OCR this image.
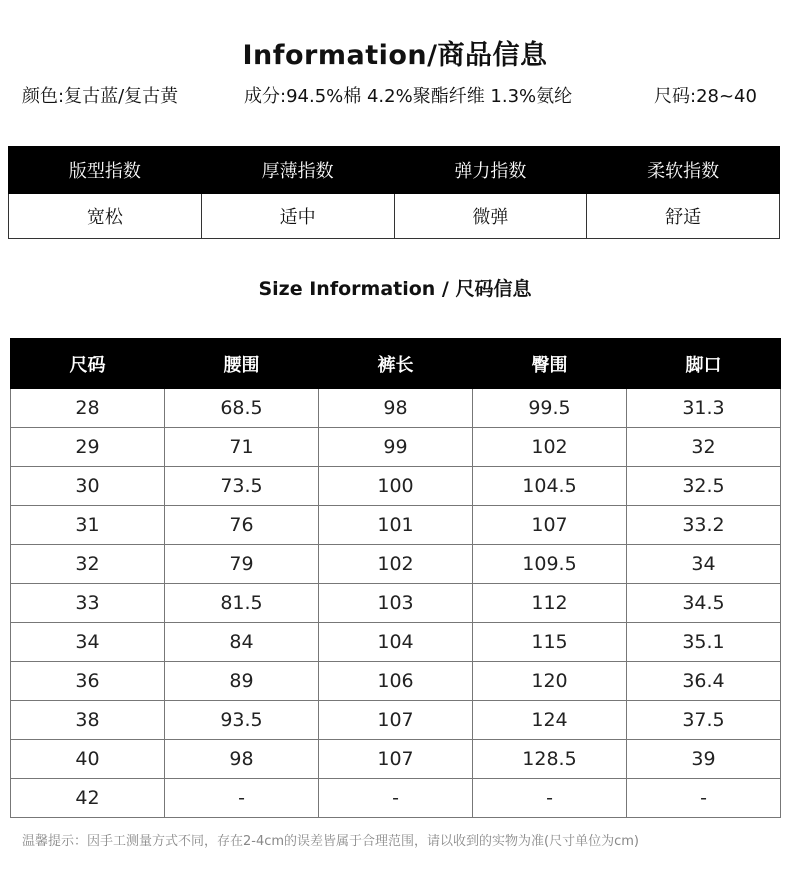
Information/商品信息
颜色:复古蓝/复古黄	成分:94.5%棉 4.2%聚酯纤维 1.3%氨纶	尺码:28~40
版型指数	厚薄指数	弹力指数	柔软指数
宽松	适中	微弹	舒适
Size Information / 尺码信息
尺码	腰围	裤长	臀围	脚口
28	68.5	98	99.5	31.3
29	71	99	102	32
30	73.5	100	104.5	32.5
31	76	101	107	33.2
32	79	102	109.5	34
33	81.5	103	112	34.5
34	84	104	115	35.1
36	89	106	120	36.4
38	93.5	107	124	37.5
40	98	107	128.5	39
42	-	-	-	-
温馨提示：因手工测量方式不同，存在2-4cm的误差皆属于合理范围，请以收到的实物为准(尺寸单位为cm)
